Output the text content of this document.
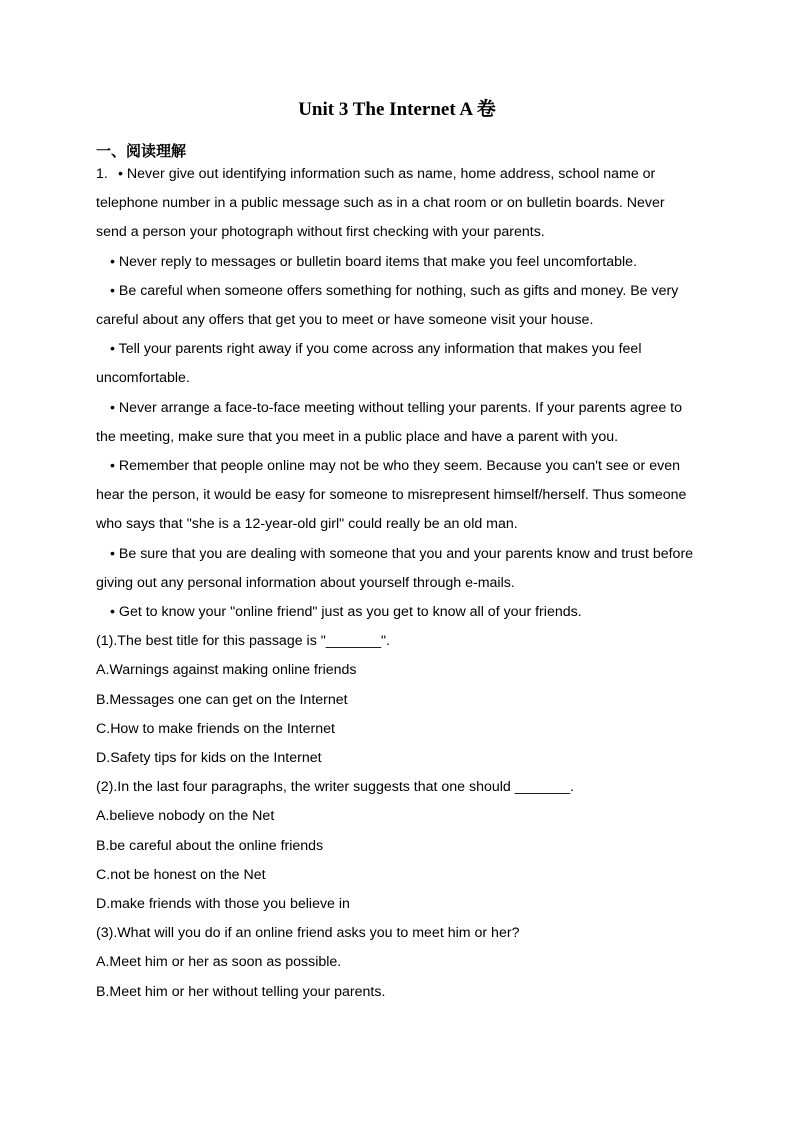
Unit 3 The Internet A 卷
一、阅读理解

1. • Never give out identifying information such as name, home address, school name or telephone number in a public message such as in a chat room or on bulletin boards. Never send a person your photograph without first checking with your parents.

• Never reply to messages or bulletin board items that make you feel uncomfortable.

• Be careful when someone offers something for nothing, such as gifts and money. Be very careful about any offers that get you to meet or have someone visit your house.

• Tell your parents right away if you come across any information that makes you feel uncomfortable.

• Never arrange a face-to-face meeting without telling your parents. If your parents agree to the meeting, make sure that you meet in a public place and have a parent with you.

• Remember that people online may not be who they seem. Because you can't see or even hear the person, it would be easy for someone to misrepresent himself/herself. Thus someone who says that "she is a 12-year-old girl" could really be an old man.

• Be sure that you are dealing with someone that you and your parents know and trust before giving out any personal information about yourself through e-mails.

• Get to know your "online friend" just as you get to know all of your friends.

(1).The best title for this passage is "_______".

A.Warnings against making online friends

B.Messages one can get on the Internet

C.How to make friends on the Internet

D.Safety tips for kids on the Internet

(2).In the last four paragraphs, the writer suggests that one should _______.

A.believe nobody on the Net

B.be careful about the online friends

C.not be honest on the Net

D.make friends with those you believe in

(3).What will you do if an online friend asks you to meet him or her?

A.Meet him or her as soon as possible.

B.Meet him or her without telling your parents.
